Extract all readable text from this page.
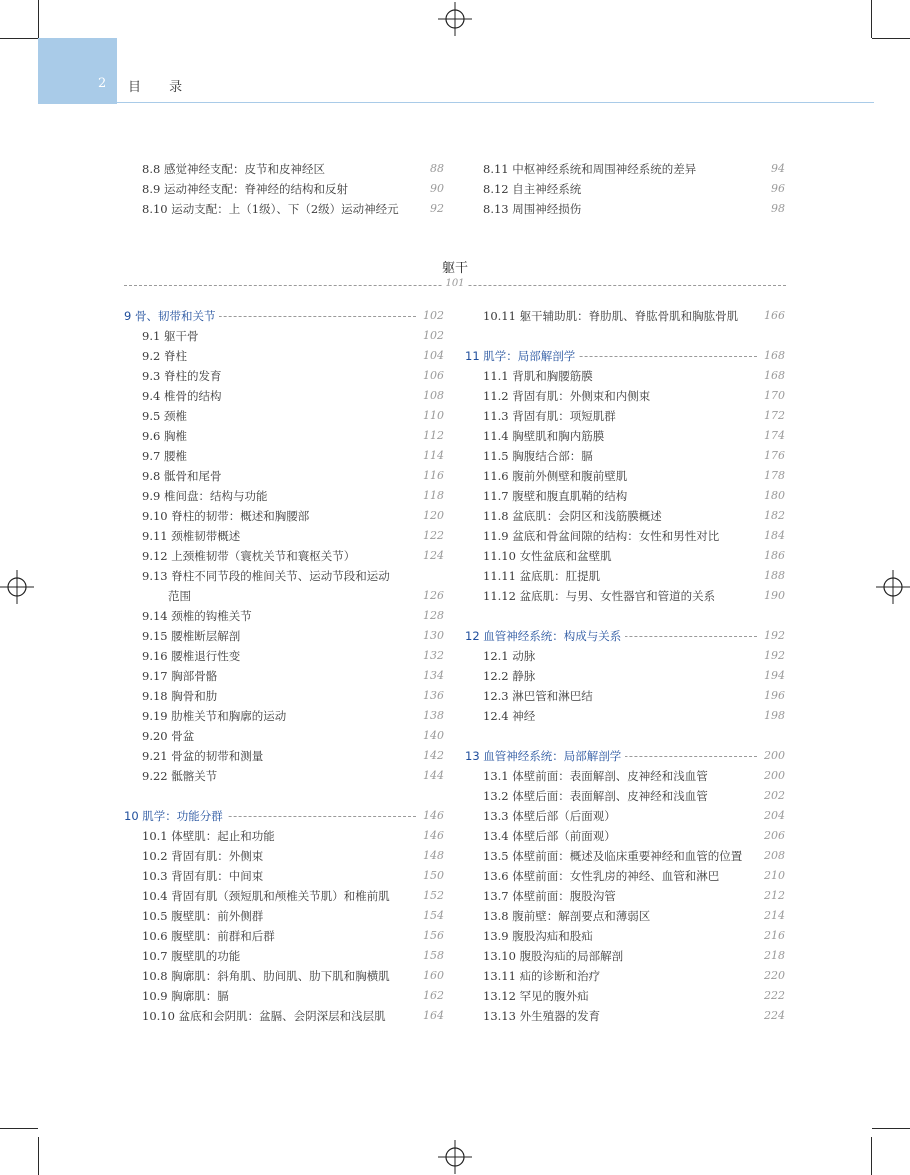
2 目 录
8.8 感觉神经支配：皮节和皮神经区	88
8.9 运动神经支配：脊神经的结构和反射	90
8.10 运动支配：上（1级）、下（2级）运动神经元	92
8.11 中枢神经系统和周围神经系统的差异	94
8.12 自主神经系统	96
8.13 周围神经损伤	98
躯干
101
9 骨、韧带和关节	102
9.1 躯干骨	102
9.2 脊柱	104
9.3 脊柱的发育	106
9.4 椎骨的结构	108
9.5 颈椎	110
9.6 胸椎	112
9.7 腰椎	114
9.8 骶骨和尾骨	116
9.9 椎间盘：结构与功能	118
9.10 脊柱的韧带：概述和胸腰部	120
9.11 颈椎韧带概述	122
9.12 上颈椎韧带（寰枕关节和寰枢关节）	124
9.13 脊柱不同节段的椎间关节、运动节段和运动
范围	126
9.14 颈椎的钩椎关节	128
9.15 腰椎断层解剖	130
9.16 腰椎退行性变	132
9.17 胸部骨骼	134
9.18 胸骨和肋	136
9.19 肋椎关节和胸廓的运动	138
9.20 骨盆	140
9.21 骨盆的韧带和测量	142
9.22 骶髂关节	144
10 肌学：功能分群	146
10.1 体壁肌：起止和功能	146
10.2 背固有肌：外侧束	148
10.3 背固有肌：中间束	150
10.4 背固有肌（颈短肌和颅椎关节肌）和椎前肌	152
10.5 腹壁肌：前外侧群	154
10.6 腹壁肌：前群和后群	156
10.7 腹壁肌的功能	158
10.8 胸廓肌：斜角肌、肋间肌、肋下肌和胸横肌	160
10.9 胸廓肌：膈	162
10.10 盆底和会阴肌：盆膈、会阴深层和浅层肌	164
10.11 躯干辅助肌：脊肋肌、脊肱骨肌和胸肱骨肌 166
11 肌学：局部解剖学	168
11.1 背肌和胸腰筋膜	168
11.2 背固有肌：外侧束和内侧束	170
11.3 背固有肌：项短肌群	172
11.4 胸壁肌和胸内筋膜	174
11.5 胸腹结合部：膈	176
11.6 腹前外侧壁和腹前壁肌	178
11.7 腹壁和腹直肌鞘的结构	180
11.8 盆底肌：会阴区和浅筋膜概述	182
11.9 盆底和骨盆间隙的结构：女性和男性对比	184
11.10 女性盆底和盆壁肌	186
11.11 盆底肌：肛提肌	188
11.12 盆底肌：与男、女性器官和管道的关系	190
12 血管神经系统：构成与关系	192
12.1 动脉	192
12.2 静脉	194
12.3 淋巴管和淋巴结	196
12.4 神经	198
13 血管神经系统：局部解剖学	200
13.1 体壁前面：表面解剖、皮神经和浅血管	200
13.2 体壁后面：表面解剖、皮神经和浅血管	202
13.3 体壁后部（后面观）	204
13.4 体壁后部（前面观）	206
13.5 体壁前面：概述及临床重要神经和血管的位置 208
13.6 体壁前面：女性乳房的神经、血管和淋巴	210
13.7 体壁前面：腹股沟管	212
13.8 腹前壁：解剖要点和薄弱区	214
13.9 腹股沟疝和股疝	216
13.10 腹股沟疝的局部解剖	218
13.11 疝的诊断和治疗	220
13.12 罕见的腹外疝	222
13.13 外生殖器的发育	224
